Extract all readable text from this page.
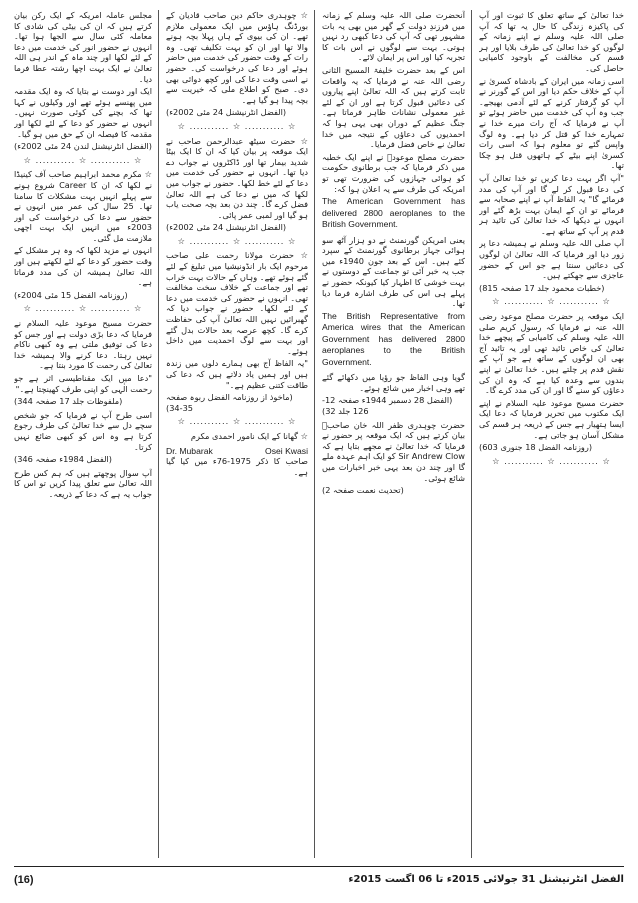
خدا تعالیٰ کے ساتھ تعلق کا ثبوت اور آپ کی پاکیزہ زندگی کا حال یہ تھا کہ آپ صلی اللہ علیہ وسلم نے اپنے زمانہ کے لوگوں کو خدا تعالیٰ کی طرف بلایا اور ہر قسم کی مخالفت کے باوجود کامیابی حاصل کی۔

اسی زمانہ میں ایران کے بادشاہ کسریٰ نے آپ کے خلاف حکم دیا اور اس کے گورنر نے آپ کو گرفتار کرنے کے لئے آدمی بھیجے۔ جب وہ آپ کی خدمت میں حاضر ہوئے تو آپ نے فرمایا کہ آج رات میرے خدا نے تمہارے خدا کو قتل کر دیا ہے۔ وہ لوگ واپس گئے تو معلوم ہوا کہ اسی رات کسریٰ اپنے بیٹے کے ہاتھوں قتل ہو چکا تھا۔

"آپ اگر بہت دعا کریں تو خدا تعالیٰ آپ کی دعا قبول کر لے گا اور آپ کی مدد فرمائے گا" یہ الفاظ آپ نے اپنے صحابہ سے فرمائے تو ان کے ایمان بہت بڑھ گئے اور انہوں نے دیکھا کہ خدا تعالیٰ کی تائید ہر قدم پر آپ کے ساتھ ہے۔

آپ صلی اللہ علیہ وسلم نے ہمیشہ دعا پر زور دیا اور فرمایا کہ اللہ تعالیٰ ان لوگوں کی دعائیں سنتا ہے جو اس کے حضور عاجزی سے جھکتے ہیں۔

(خطبات محمود جلد 17 صفحہ 815)

☆ ........... ☆ ........... ☆

ایک موقعہ پر حضرت مصلح موعود رضی اللہ عنہ نے فرمایا کہ رسول کریم صلی اللہ علیہ وسلم کی کامیابی کے پیچھے خدا تعالیٰ کی خاص تائید تھی اور یہ تائید آج بھی ان لوگوں کے ساتھ ہے جو آپ کے نقش قدم پر چلتے ہیں۔ خدا تعالیٰ نے اپنے بندوں سے وعدہ کیا ہے کہ وہ ان کی دعاؤں کو سنے گا اور ان کی مدد کرے گا۔

حضرت مسیح موعود علیہ السلام نے اپنے ایک مکتوب میں تحریر فرمایا کہ دعا ایک ایسا ہتھیار ہے جس کے ذریعہ ہر قسم کی مشکل آسان ہو جاتی ہے۔

(روزنامہ الفضل 18 جنوری 603)

☆ ........... ☆ ........... ☆

آنحضرت صلی اللہ علیہ وسلم کے زمانہ میں فرزندِ دولت کے گھر میں بھی یہ بات مشہور تھی کہ آپ کی دعا کبھی رد نہیں ہوتی۔ بہت سے لوگوں نے اس بات کا تجربہ کیا اور اس پر ایمان لائے۔

اس کے بعد حضرت خلیفۃ المسیح الثانی رضی اللہ عنہ نے فرمایا کہ یہ واقعات ثابت کرتے ہیں کہ اللہ تعالیٰ اپنے پیاروں کی دعائیں قبول کرتا ہے اور ان کے لئے غیر معمولی نشانات ظاہر فرماتا ہے۔ جنگ عظیم کے دوران بھی یہی ہوا کہ احمدیوں کی دعاؤں کے نتیجہ میں خدا تعالیٰ نے خاص فضل فرمایا۔

حضرت مصلح موعودؓ نے اپنے ایک خطبہ میں ذکر فرمایا کہ جب برطانوی حکومت کو ہوائی جہازوں کی ضرورت تھی تو امریکہ کی طرف سے یہ اعلان ہوا کہ:

The American Government has delivered 2800 aeroplanes to the British Government.

یعنی امریکن گورنمنٹ نے دو ہزار آٹھ سو ہوائی جہاز برطانوی گورنمنٹ کے سپرد کئے ہیں۔ اس کے بعد جون 1940ء میں جب یہ خبر آئی تو جماعت کے دوستوں نے بہت خوشی کا اظہار کیا کیونکہ حضور نے پہلے ہی اس کی طرف اشارہ فرما دیا تھا۔

The British Representative from America wires that the American Government has delivered 2800 aeroplanes to the British Government.

گویا وہی الفاظ جو رؤیا میں دکھائے گئے تھے وہی اخبار میں شائع ہوئے۔

(الفضل 28 دسمبر 1944ء صفحہ 12-126 جلد 32)

حضرت چوہدری ظفر اللہ خان صاحبؓ بیان کرتے ہیں کہ ایک موقعہ پر حضور نے فرمایا کہ خدا تعالیٰ نے مجھے بتایا ہے کہ Sir Andrew Clow کو ایک اہم عہدہ ملے گا اور چند دن بعد یہی خبر اخبارات میں شائع ہوئی۔

(تحدیث نعمت صفحہ 2)

☆ چوہدری حاکم دین صاحب قادیان کے بورڈنگ ہاؤس میں ایک معمولی ملازم تھے۔ ان کی بیوی کے ہاں پہلا بچہ ہونے والا تھا اور ان کو بہت تکلیف تھی۔ وہ رات کے وقت حضور کی خدمت میں حاضر ہوئے اور دعا کی درخواست کی۔ حضور نے اسی وقت دعا کی اور کچھ دوائی بھی دی۔ صبح کو اطلاع ملی کہ خیریت سے بچہ پیدا ہو گیا ہے۔

(الفضل انٹرنیشنل 24 مئی 2002ء)

☆ ........... ☆ ........... ☆

☆ حضرت سیٹھ عبدالرحمن صاحب نے ایک موقعہ پر بیان کیا کہ ان کا ایک بیٹا شدید بیمار تھا اور ڈاکٹروں نے جواب دے دیا تھا۔ انہوں نے حضور کی خدمت میں دعا کے لئے خط لکھا۔ حضور نے جواب میں لکھا کہ میں نے دعا کی ہے اللہ تعالیٰ فضل کرے گا۔ چند دن بعد بچہ صحت یاب ہو گیا اور لمبی عمر پائی۔

(الفضل انٹرنیشنل 24 مئی 2002ء)

☆ ........... ☆ ........... ☆

☆ حضرت مولانا رحمت علی صاحب مرحوم ایک بار انڈونیشیا میں تبلیغ کے لئے گئے ہوئے تھے۔ وہاں کے حالات بہت خراب تھے اور جماعت کے خلاف سخت مخالفت تھی۔ انہوں نے حضور کی خدمت میں دعا کے لئے لکھا۔ حضور نے جواب دیا کہ گھبرائیں نہیں اللہ تعالیٰ آپ کی حفاظت کرے گا۔ کچھ عرصہ بعد حالات بدل گئے اور بہت سے لوگ احمدیت میں داخل ہوئے۔

"یہ الفاظ آج بھی ہمارے دلوں میں زندہ ہیں اور ہمیں یاد دلاتے ہیں کہ دعا کی طاقت کتنی عظیم ہے۔"

(ماخوذ از روزنامہ الفضل ربوہ صفحہ 35-34)

☆ ........... ☆ ........... ☆

☆ گھانا کے ایک نامور احمدی مکرم

Dr. Mubarak	Osei Kwasi

صاحب کا ذکر 1975-76ء میں کیا گیا ہے۔

مجلس عاملہ امریکہ کے ایک رکن بیان کرتے ہیں کہ ان کی بیٹی کی شادی کا معاملہ کئی سال سے الجھا ہوا تھا۔ انہوں نے حضور انور کی خدمت میں دعا کے لئے لکھا اور چند ماہ کے اندر ہی اللہ تعالیٰ نے ایک بہت اچھا رشتہ عطا فرما دیا۔

ایک اور دوست نے بتایا کہ وہ ایک مقدمہ میں پھنسے ہوئے تھے اور وکیلوں نے کہا تھا کہ بچنے کی کوئی صورت نہیں۔ انہوں نے حضور کو دعا کے لئے لکھا اور مقدمہ کا فیصلہ ان کے حق میں ہو گیا۔

(الفضل انٹرنیشنل لندن 24 مئی 2002ء)

☆ ........... ☆ ........... ☆

☆ مکرم محمد ابراہیم صاحب آف کینیڈا نے لکھا کہ ان کا Career شروع ہونے سے پہلے انہیں بہت مشکلات کا سامنا تھا۔ 25 سال کی عمر میں انہوں نے حضور سے دعا کی درخواست کی اور 2003ء میں انہیں ایک بہت اچھی ملازمت مل گئی۔

انہوں نے مزید لکھا کہ وہ ہر مشکل کے وقت حضور کو دعا کے لئے لکھتے ہیں اور اللہ تعالیٰ ہمیشہ ان کی مدد فرماتا ہے۔

(روزنامہ الفضل 15 مئی 2004ء)

☆ ........... ☆ ........... ☆

حضرت مسیح موعود علیہ السلام نے فرمایا کہ دعا بڑی دولت ہے اور جس کو دعا کی توفیق ملتی ہے وہ کبھی ناکام نہیں رہتا۔ دعا کرنے والا ہمیشہ خدا تعالیٰ کی رحمت کا مورد بنتا ہے۔

"دعا میں ایک مقناطیسی اثر ہے جو رحمت الٰہی کو اپنی طرف کھینچتا ہے۔"

(ملفوظات جلد 17 صفحہ 344)

اسی طرح آپ نے فرمایا کہ جو شخص سچے دل سے خدا تعالیٰ کی طرف رجوع کرتا ہے وہ اس کو کبھی ضائع نہیں کرتا۔

(الفضل 1984ء صفحہ 346)

آپ سوال پوچھتے ہیں کہ ہم کس طرح اللہ تعالیٰ سے تعلق پیدا کریں تو اس کا جواب یہ ہے کہ دعا کے ذریعہ۔

(16)	الفضل انٹرنیشنل 31 جولائی 2015ء تا 06 اگست 2015ء
